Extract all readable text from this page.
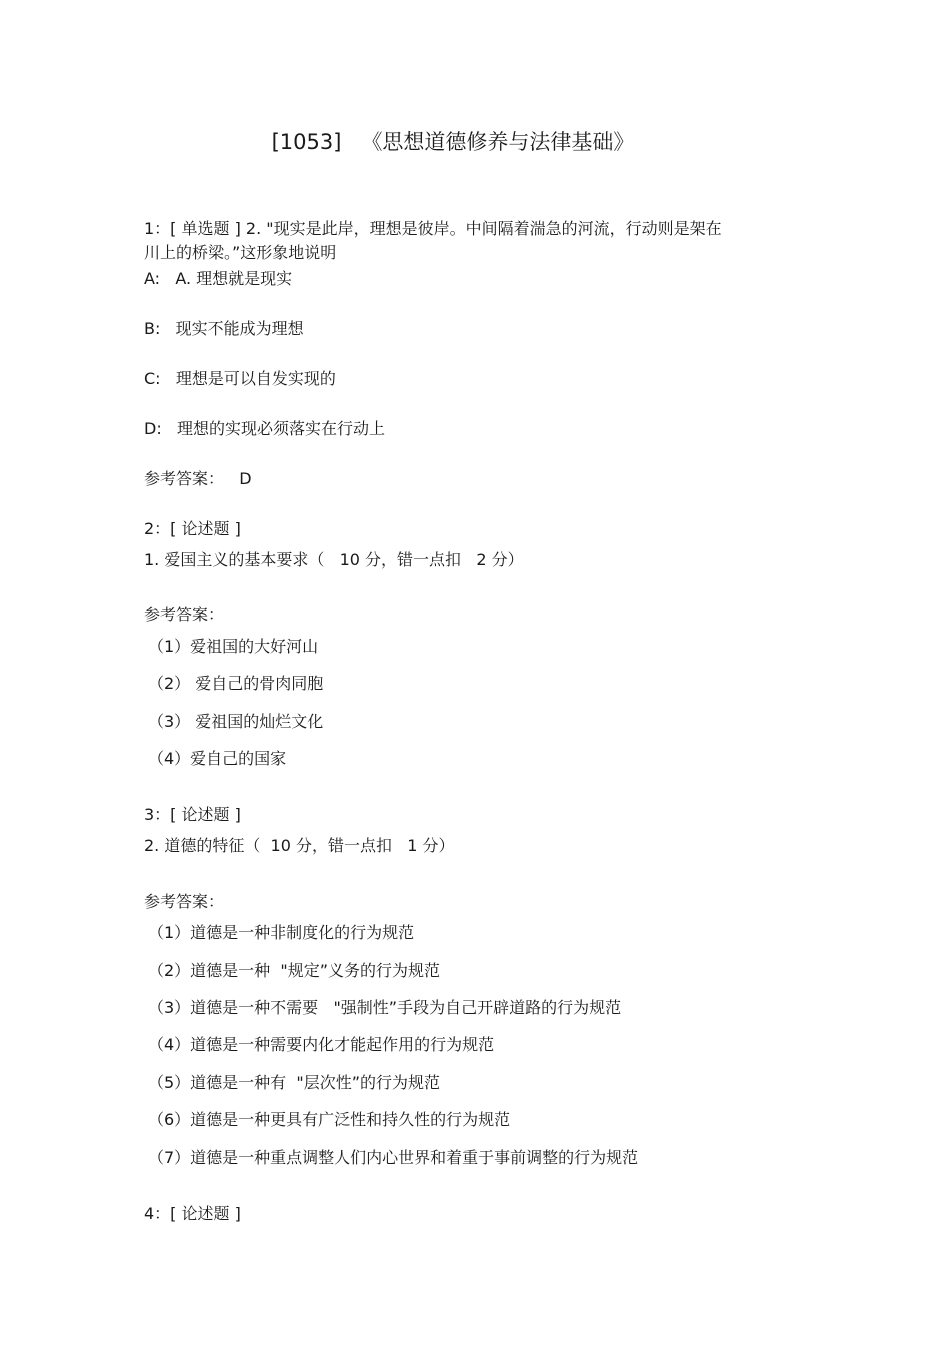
[1053] 《思想道德修养与法律基础》
1：[ 单选题 ] 2. "现实是此岸，理想是彼岸。中间隔着湍急的河流，行动则是架在
川上的桥梁。”这形象地说明
A:   A. 理想就是现实
B:   现实不能成为理想
C:   理想是可以自发实现的
D:   理想的实现必须落实在行动上
参考答案：   D
2：[ 论述题 ]
1. 爱国主义的基本要求（   10 分，错一点扣   2 分）
参考答案：
（1）爱祖国的大好河山
（2） 爱自己的骨肉同胞
（3） 爱祖国的灿烂文化
（4）爱自己的国家
3：[ 论述题 ]
2. 道德的特征（  10 分，错一点扣   1 分）
参考答案：
（1）道德是一种非制度化的行为规范
（2）道德是一种  "规定”义务的行为规范
（3）道德是一种不需要   "强制性”手段为自己开辟道路的行为规范
（4）道德是一种需要内化才能起作用的行为规范
（5）道德是一种有  "层次性”的行为规范
（6）道德是一种更具有广泛性和持久性的行为规范
（7）道德是一种重点调整人们内心世界和着重于事前调整的行为规范
4：[ 论述题 ]
